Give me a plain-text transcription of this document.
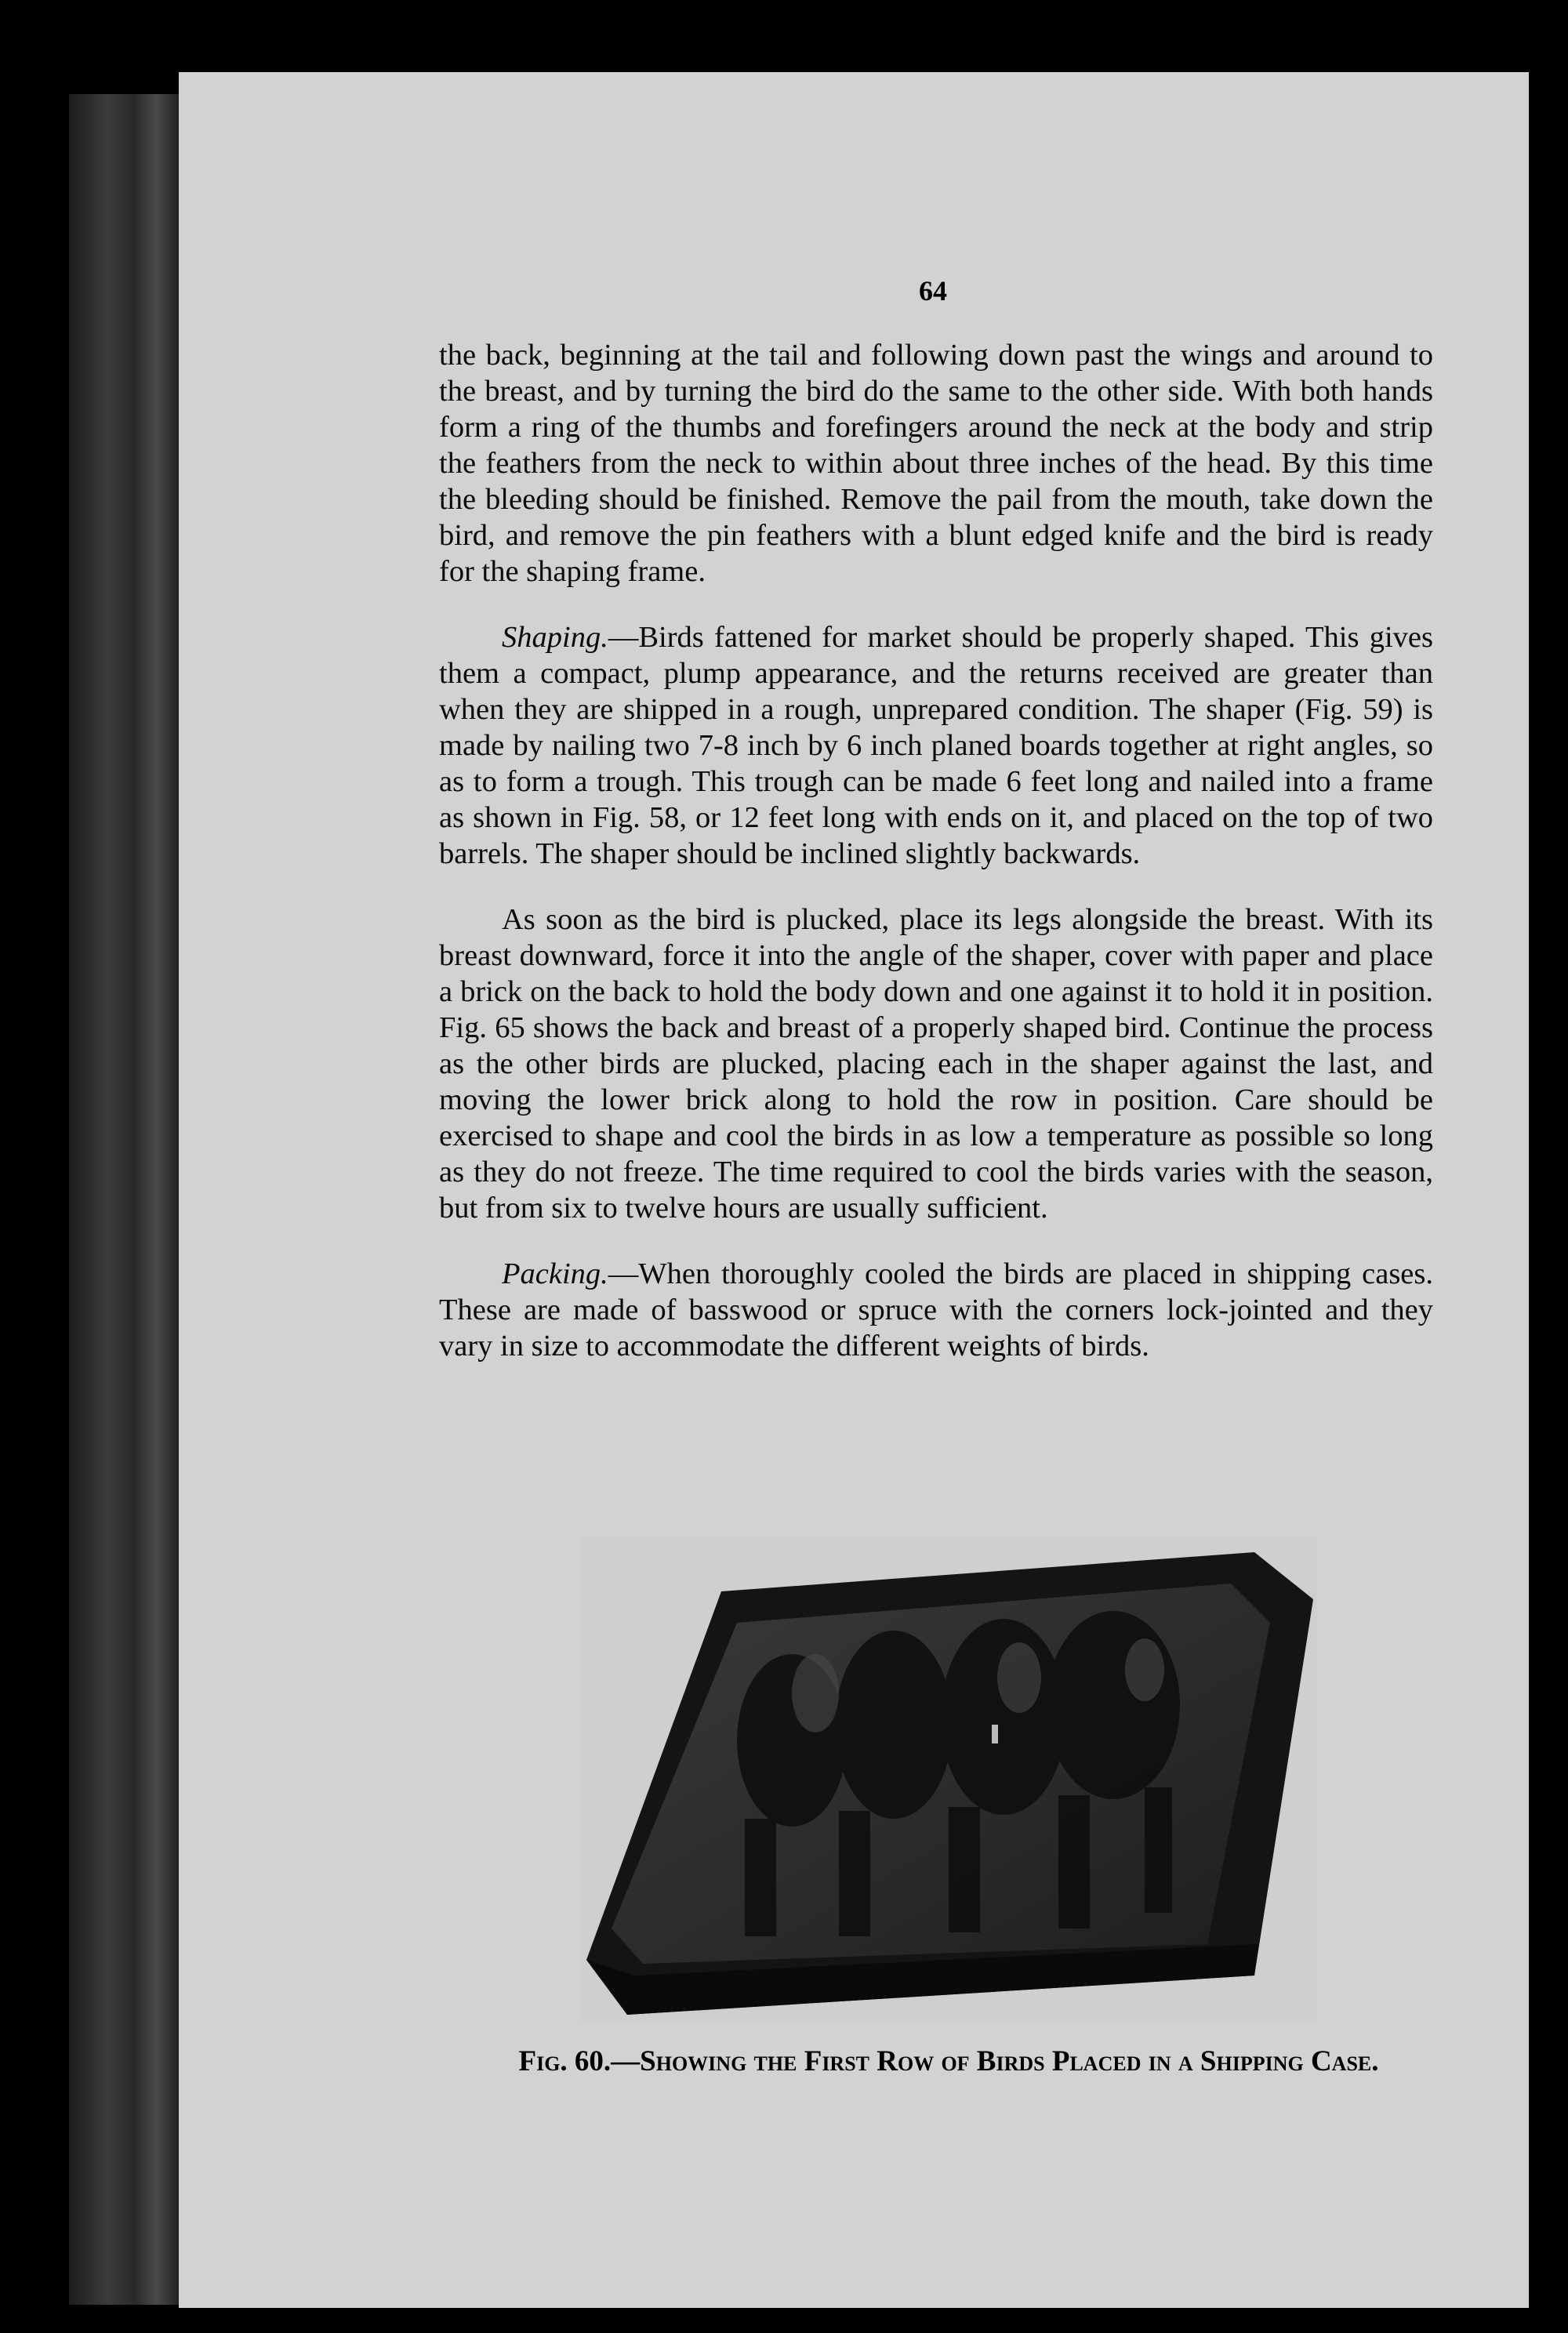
64

the back, beginning at the tail and following down past the wings and around to the breast, and by turning the bird do the same to the other side. With both hands form a ring of the thumbs and forefingers around the neck at the body and strip the feathers from the neck to within about three inches of the head. By this time the bleeding should be finished. Remove the pail from the mouth, take down the bird, and remove the pin feathers with a blunt edged knife and the bird is ready for the shaping frame.

Shaping.—Birds fattened for market should be properly shaped. This gives them a compact, plump appearance, and the returns received are greater than when they are shipped in a rough, unprepared condition. The shaper (Fig. 59) is made by nailing two 7-8 inch by 6 inch planed boards together at right angles, so as to form a trough. This trough can be made 6 feet long and nailed into a frame as shown in Fig. 58, or 12 feet long with ends on it, and placed on the top of two barrels. The shaper should be inclined slightly backwards.

As soon as the bird is plucked, place its legs alongside the breast. With its breast downward, force it into the angle of the shaper, cover with paper and place a brick on the back to hold the body down and one against it to hold it in position. Fig. 65 shows the back and breast of a properly shaped bird. Continue the process as the other birds are plucked, placing each in the shaper against the last, and moving the lower brick along to hold the row in position. Care should be exercised to shape and cool the birds in as low a temperature as possible so long as they do not freeze. The time required to cool the birds varies with the season, but from six to twelve hours are usually sufficient.

Packing.—When thoroughly cooled the birds are placed in shipping cases. These are made of basswood or spruce with the corners lock-jointed and they vary in size to accommodate the different weights of birds.

Fig. 60.—Showing the First Row of Birds Placed in a Shipping Case.
